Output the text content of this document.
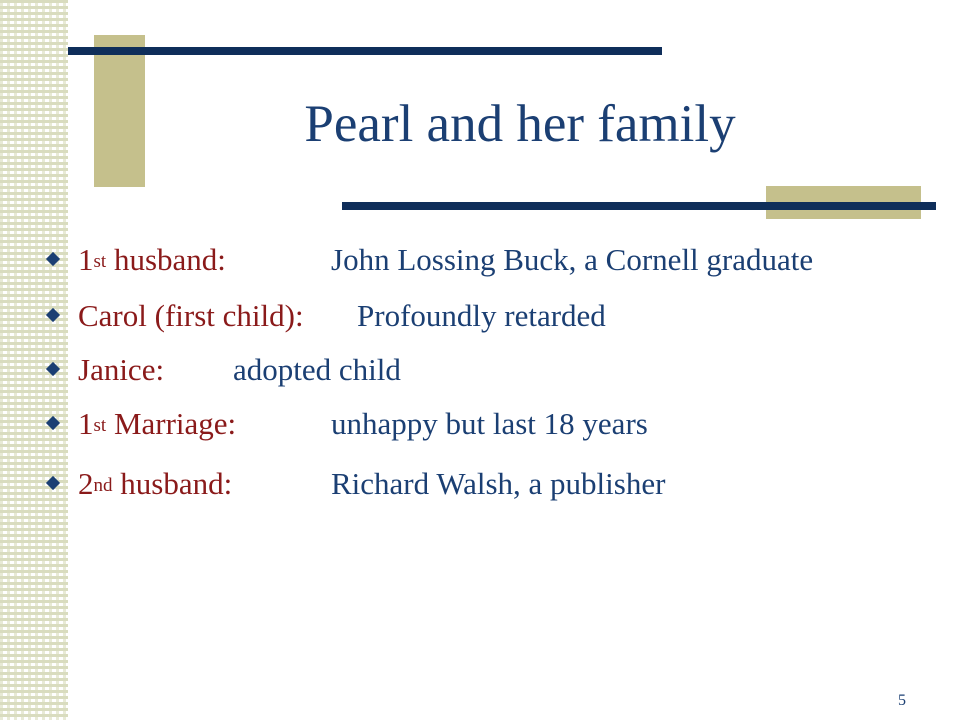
Pearl and her family
1st husband:	John Lossing Buck, a Cornell graduate
Carol (first child): Profoundly retarded
Janice: adopted child
1st Marriage:	unhappy but last 18 years
2nd husband:	Richard Walsh, a publisher
5
